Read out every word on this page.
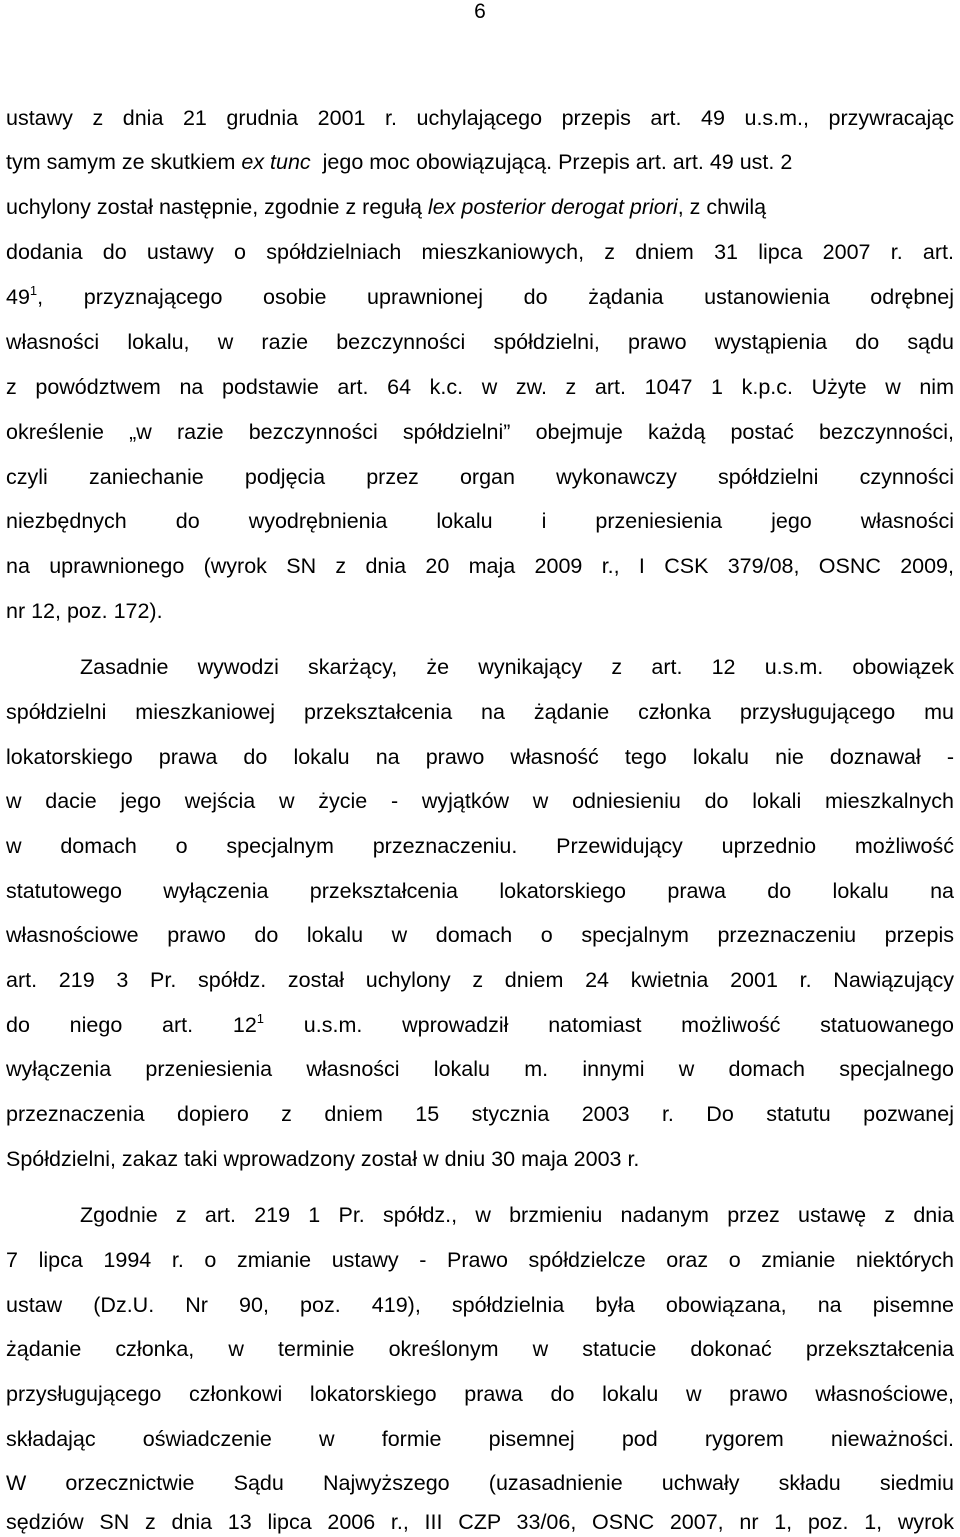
6
ustawy z dnia 21 grudnia 2001 r. uchylającego przepis art. 49 u.s.m., przywracając
tym samym ze skutkiem ex tunc jego moc obowiązującą. Przepis art. art. 49 ust. 2
uchylony został następnie, zgodnie z regułą lex posterior derogat priori, z chwilą
dodania do ustawy o spółdzielniach mieszkaniowych, z dniem 31 lipca 2007 r. art.
$49^1$, przyznającego osobie uprawnionej do żądania ustanowienia odrębnej
własności lokalu, w razie bezczynności spółdzielni, prawo wystąpienia do sądu
z powództwem na podstawie art. 64 k.c. w zw. z art. 1047 1 k.p.c. Użyte w nim
określenie „w razie bezczynności spółdzielni” obejmuje każdą postać bezczynności,
czyli zaniechanie podjęcia przez organ wykonawczy spółdzielni czynności
niezbędnych do wyodrębnienia lokalu i przeniesienia jego własności
na uprawnionego (wyrok SN z dnia 20 maja 2009 r., I CSK 379/08, OSNC 2009,
nr 12, poz. 172).
Zasadnie wywodzi skarżący, że wynikający z art. 12 u.s.m. obowiązek
spółdzielni mieszkaniowej przekształcenia na żądanie członka przysługującego mu
lokatorskiego prawa do lokalu na prawo własność tego lokalu nie doznawał -
w dacie jego wejścia w życie - wyjątków w odniesieniu do lokali mieszkalnych
w domach o specjalnym przeznaczeniu. Przewidujący uprzednio możliwość
statutowego wyłączenia przekształcenia lokatorskiego prawa do lokalu na
własnościowe prawo do lokalu w domach o specjalnym przeznaczeniu przepis
art. 219 3 Pr. spółdz. został uchylony z dniem 24 kwietnia 2001 r. Nawiązujący
do niego art. $12^1$ u.s.m. wprowadził natomiast możliwość statuowanego
wyłączenia przeniesienia własności lokalu m. innymi w domach specjalnego
przeznaczenia dopiero z dniem 15 stycznia 2003 r. Do statutu pozwanej
Spółdzielni, zakaz taki wprowadzony został w dniu 30 maja 2003 r.
Zgodnie z art. 219 1 Pr. spółdz., w brzmieniu nadanym przez ustawę z dnia
7 lipca 1994 r. o zmianie ustawy - Prawo spółdzielcze oraz o zmianie niektórych
ustaw (Dz.U. Nr 90, poz. 419), spółdzielnia była obowiązana, na pisemne
żądanie członka, w terminie określonym w statucie dokonać przekształcenia
przysługującego członkowi lokatorskiego prawa do lokalu w prawo własnościowe,
składając oświadczenie w formie pisemnej pod rygorem nieważności.
W orzecznictwie Sądu Najwyższego (uzasadnienie uchwały składu siedmiu
sędziów SN z dnia 13 lipca 2006 r., III CZP 33/06, OSNC 2007, nr 1, poz. 1, wyrok
